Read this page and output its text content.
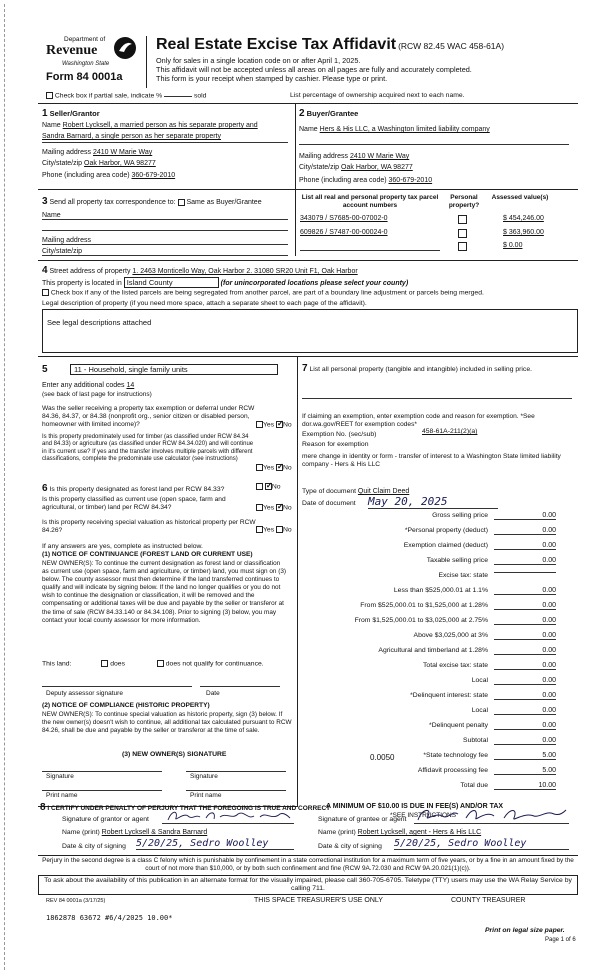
Department of
Revenue
Washington State
Form 84 0001a
Real Estate Excise Tax Affidavit (RCW 82.45 WAC 458-61A)
Only for sales in a single location code on or after April 1, 2025.
This affidavit will not be accepted unless all areas on all pages are fully and accurately completed.
This form is your receipt when stamped by cashier. Please type or print.
Check box if partial sale, indicate %	sold	List percentage of ownership acquired next to each name.
1 Seller/Grantor
Name Robert Lycksell, a married person as his separate property and
Sandra Barnard, a single person as her separate property
Mailing address 2410 W Marie Way
City/state/zip Oak Harbor, WA 98277
Phone (including area code) 360-679-2010
2 Buyer/Grantee
Name Hers & His LLC, a Washington limited liability company
Mailing address 2410 W Marie Way
City/state/zip Oak Harbor, WA 98277
Phone (including area code) 360-679-2010
3 Send all property tax correspondence to: Same as Buyer/Grantee
Name
Mailing address
City/state/zip
List all real and personal property tax parcel account numbers
Personal property?
Assessed value(s)
343079 / S7685-00-07002-0	$ 454,246.00
609826 / S7487-00-00024-0	$ 363,960.00
$ 0.00
4 Street address of property 1. 2463 Monticello Way, Oak Harbor 2. 31080 SR20 Unit F1, Oak Harbor
This property is located in Island County	(for unincorporated locations please select your county)
Check box if any of the listed parcels are being segregated from another parcel, are part of a boundary line adjustment or parcels being merged.
Legal description of property (if you need more space, attach a separate sheet to each page of the affidavit).
See legal descriptions attached
5	11 - Household, single family units
Enter any additional codes 14
(see back of last page for instructions)
Was the seller receiving a property tax exemption or deferral under RCW 84.36, 84.37, or 84.38 (nonprofit org., senior citizen or disabled person, homeowner with limited income)?	Yes ✓ No
Is this property predominately used for timber (as classified under RCW 84.34 and 84.33) or agriculture (as classified under RCW 84.34.020) and will continue in it's current use? If yes and the transfer involves multiple parcels with different classifications, complete the predominate use calculator (see instructions)
Yes ✓ No
6 Is this property designated as forest land per RCW 84.33? ✓	No
Is this property classified as current use (open space, farm and agricultural, or timber) land per RCW 84.34?	Yes ✓ No
Is this property receiving special valuation as historical property per RCW 84.26?	Yes No
If any answers are yes, complete as instructed below.
(1) NOTICE OF CONTINUANCE (FOREST LAND OR CURRENT USE)
NEW OWNER(S): To continue the current designation as forest land or classification as current use (open space, farm and agriculture, or timber) land, you must sign on (3) below. The county assessor must then determine if the land transferred continues to qualify and will indicate by signing below. If the land no longer qualifies or you do not wish to continue the designation or classification, it will be removed and the compensating or additional taxes will be due and payable by the seller or transferor at the time of sale (RCW 84.33.140 or 84.34.108). Prior to signing (3) below, you may contact your local county assessor for more information.
This land:	does	does not qualify for continuance.
Deputy assessor signature	Date
(2) NOTICE OF COMPLIANCE (HISTORIC PROPERTY)
NEW OWNER(S): To continue special valuation as historic property, sign (3) below. If the new owner(s) doesn't wish to continue, all additional tax calculated pursuant to RCW 84.26, shall be due and payable by the seller or transferor at the time of sale.
(3) NEW OWNER(S) SIGNATURE
Signature	Signature
Print name	Print name
7 List all personal property (tangible and intangible) included in selling price.
If claiming an exemption, enter exemption code and reason for exemption. *See dor.wa.gov/REET for exemption codes*
Exemption No. (sec/sub)	458-61A-211(2)(a)
Reason for exemption
mere change in identity or form - transfer of interest to a Washington State limited liability company - Hers & His LLC
Type of document Quit Claim Deed
Date of document May 20, 2025
Gross selling price	0.00
*Personal property (deduct)	0.00
Exemption claimed (deduct)	0.00
Taxable selling price	0.00
Excise tax: state
Less than $525,000.01 at 1.1%	0.00
From $525,000.01 to $1,525,000 at 1.28%	0.00
From $1,525,000.01 to $3,025,000 at 2.75%	0.00
Above $3,025,000 at 3%	0.00
Agricultural and timberland at 1.28%	0.00
Total excise tax: state	0.00
Local	0.00
*Delinquent interest: state	0.00
Local	0.00
*Delinquent penalty	0.00
Subtotal	0.00
*State technology fee	5.00
Affidavit processing fee	5.00
Total due	10.00
0.0050
A MINIMUM OF $10.00 IS DUE IN FEE(S) AND/OR TAX
*SEE INSTRUCTIONS
8 I CERTIFY UNDER PENALTY OF PERJURY THAT THE FOREGOING IS TRUE AND CORRECT
Signature of grantor or agent	Signature of grantee or agent
Name (print) Robert Lycksell & Sandra Barnard	Name (print) Robert Lycksell, agent - Hers & His LLC
Date & city of signing 5/20/25, Sedro Woolley	Date & city of signing 5/20/25, Sedro Woolley
Perjury in the second degree is a class C felony which is punishable by confinement in a state correctional institution for a maximum term of five years, or by a fine in an amount fixed by the court of not more than $10,000, or by both such confinement and fine (RCW 9A.72.030 and RCW 9A.20.021(1)(c)).
To ask about the availability of this publication in an alternate format for the visually impaired, please call 360-705-6705. Teletype (TTY) users may use the WA Relay Service by calling 711.
REV 84 0001a (3/17/25)	THIS SPACE TREASURER'S USE ONLY	COUNTY TREASURER
1862878 63672 #6/4/2025 10.00*
Print on legal size paper.
Page 1 of 6
